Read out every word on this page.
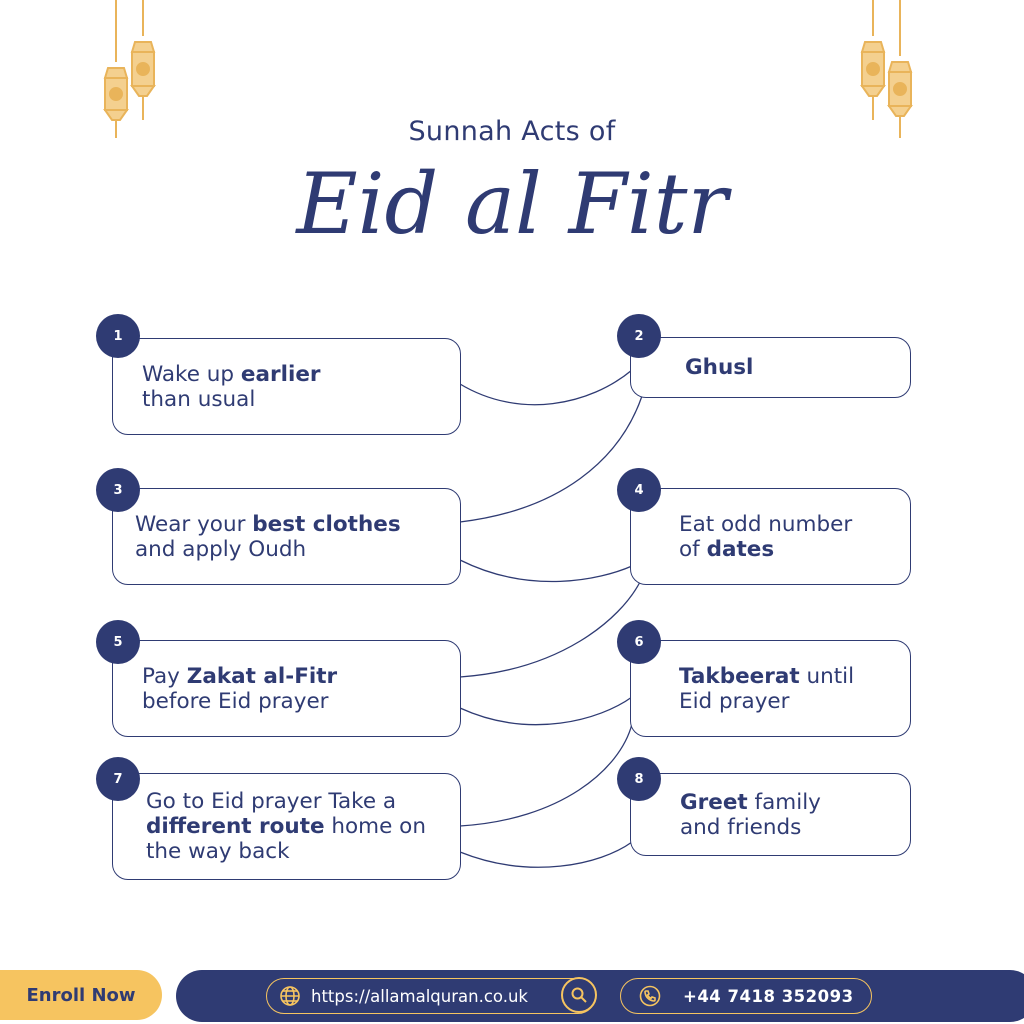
Sunnah Acts of
Eid al Fitr
Wake up earlier
than usual
1
Ghusl
2
Wear your best clothes
and apply Oudh
3
Eat odd number
of dates
4
Pay Zakat al-Fitr
before Eid prayer
5
Takbeerat until
Eid prayer
6
Go to Eid prayer Take a
different route home on
the way back
7
Greet family
and friends
8
Enroll Now	https://allamalquran.co.uk	+44 7418 352093
